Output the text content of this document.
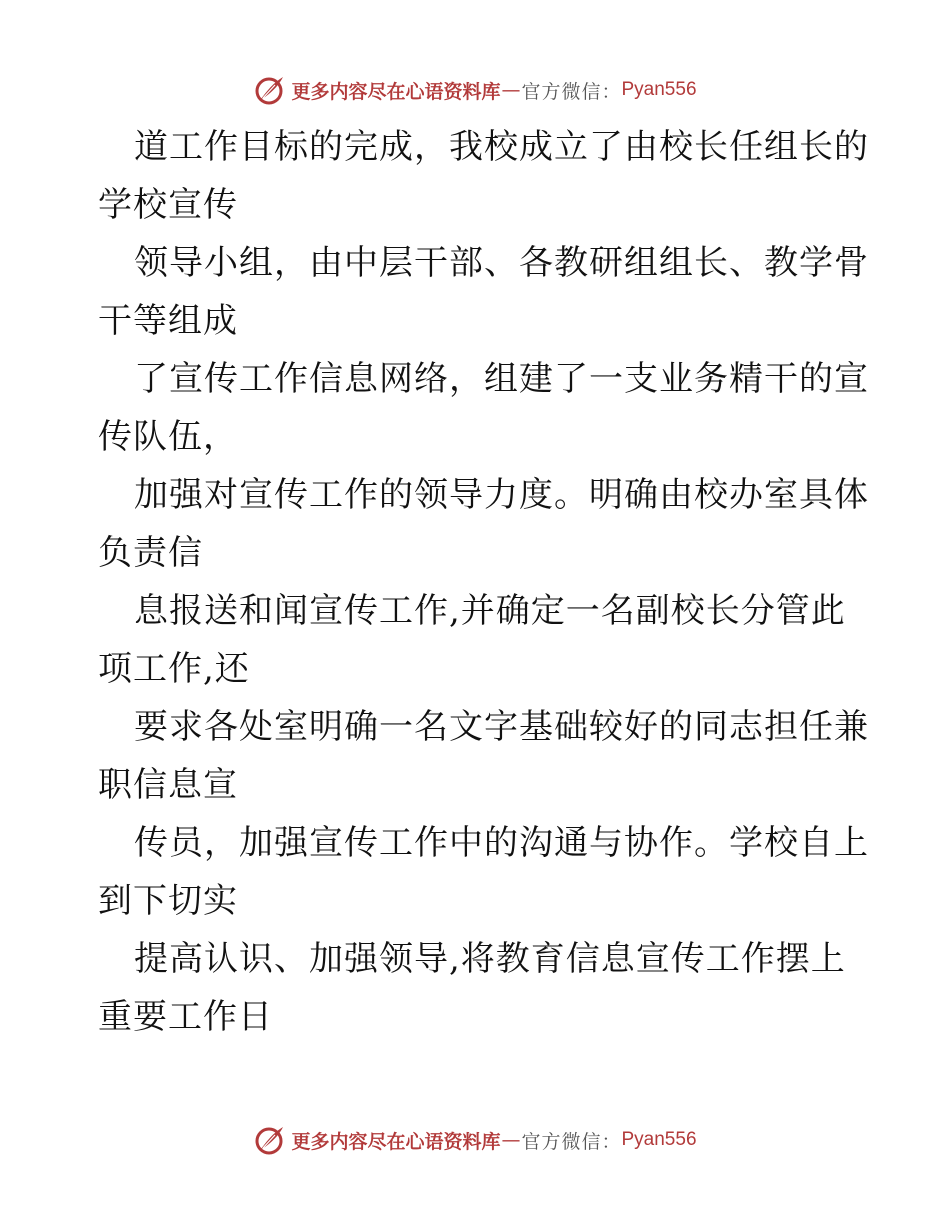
更多内容尽在心语资料库 — 官方微信： Pyan556
道工作目标的完成，我校成立了由校长任组长的
学校宣传
领导小组，由中层干部、各教研组组长、教学骨
干等组成
了宣传工作信息网络，组建了一支业务精干的宣
传队伍，
加强对宣传工作的领导力度。明确由校办室具体
负责信
息报送和闻宣传工作,并确定一名副校长分管此
项工作,还
要求各处室明确一名文字基础较好的同志担任兼
职信息宣
传员，加强宣传工作中的沟通与协作。学校自上
到下切实
提高认识、加强领导,将教育信息宣传工作摆上
重要工作日
更多内容尽在心语资料库 — 官方微信： Pyan556
